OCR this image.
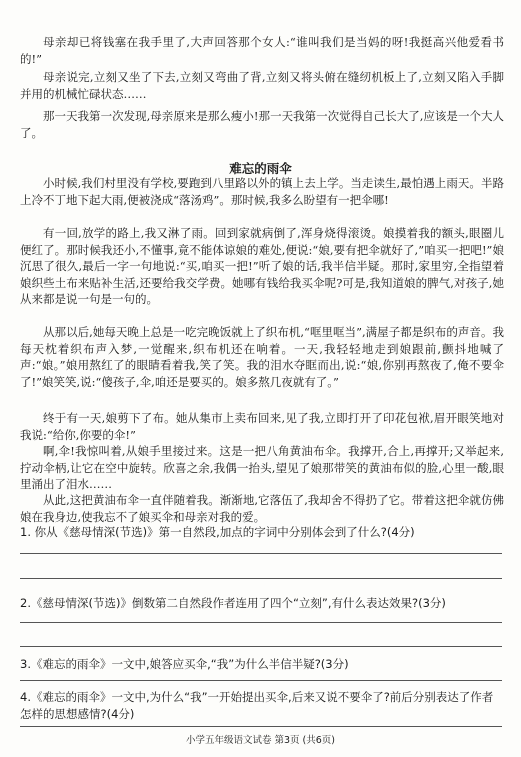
母亲却已将钱塞在我手里了,大声回答那个女人:“谁叫我们是当妈的呀!我挺高兴他爱看书的!”
母亲说完,立刻又坐了下去,立刻又弯曲了背,立刻又将头俯在缝纫机板上了,立刻又陷入手脚并用的机械忙碌状态……
那一天我第一次发现,母亲原来是那么瘦小!那一天我第一次觉得自己长大了,应该是一个大人了。
难忘的雨伞
小时候,我们村里没有学校,要跑到八里路以外的镇上去上学。当走读生,最怕遇上雨天。半路上冷不丁地下起大雨,便被浇成“落汤鸡”。那时候,我多么盼望有一把伞哪!
有一回,放学的路上,我又淋了雨。回到家就病倒了,浑身烧得滚烫。娘摸着我的额头,眼圈儿便红了。那时候我还小,不懂事,竟不能体谅娘的难处,便说:“娘,要有把伞就好了,”咱买一把吧!”娘沉思了很久,最后一字一句地说:“买,咱买一把!”听了娘的话,我半信半疑。那时,家里穷,全指望着娘织些土布来贴补生活,还要给我交学费。她哪有钱给我买伞呢?可是,我知道娘的脾气,对孩子,她从来都是说一句是一句的。
从那以后,她每天晚上总是一吃完晚饭就上了织布机,“哐里哐当”,满屋子都是织布的声音。我每天枕着织布声入梦,一觉醒来,织布机还在响着。一天,我轻轻地走到娘跟前,颤抖地喊了声:“娘。”娘用熬红了的眼睛看着我,笑了笑。我的泪水夺眶而出,说:“娘,你别再熬夜了,俺不要伞了!”娘笑笑,说:“傻孩子,伞,咱还是要买的。娘多熬几夜就有了。”
终于有一天,娘剪下了布。她从集市上卖布回来,见了我,立即打开了印花包袱,眉开眼笑地对我说:“给你,你要的伞!”
啊,伞!我惊叫着,从娘手里接过来。这是一把八角黄油布伞。我撑开,合上,再撑开;又举起来,拧动伞柄,让它在空中旋转。欣喜之余,我偶一抬头,望见了娘那带笑的黄油布似的脸,心里一酸,眼里涌出了泪水……
从此,这把黄油布伞一直伴随着我。渐渐地,它落伍了,我却舍不得扔了它。带着这把伞就仿佛娘在我身边,使我忘不了娘买伞和母亲对我的爱。
1. 你从《慈母情深(节选)》第一自然段,加点的字词中分别体会到了什么?(4分)
2.《慈母情深(节选)》倒数第二自然段作者连用了四个“立刻”,有什么表达效果?(3分)
3.《难忘的雨伞》一文中,娘答应买伞,“我”为什么半信半疑?(3分)
4.《难忘的雨伞》一文中,为什么“我”一开始提出买伞,后来又说不要伞了?前后分别表达了作者怎样的思想感情?(4分)
小学五年级语文试卷 第3页 (共6页)
